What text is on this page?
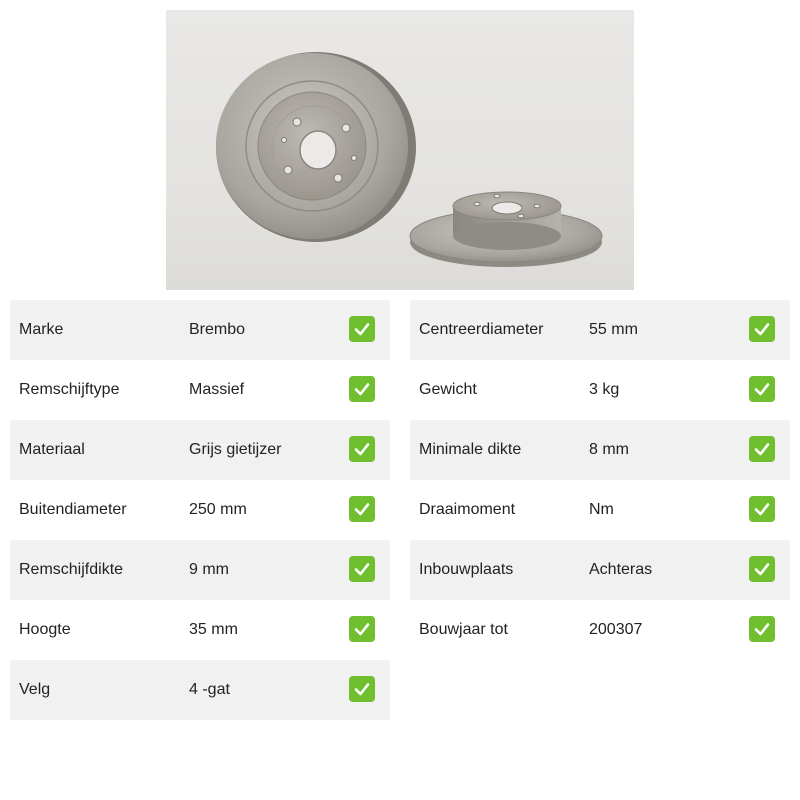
Marke	Brembo
Remschijftype	Massief
Materiaal	Grijs gietijzer
Buitendiameter	250 mm
Remschijfdikte	9 mm
Hoogte	35 mm
Velg	4 -gat
Centreerdiameter	55 mm
Gewicht	3 kg
Minimale dikte	8 mm
Draaimoment	Nm
Inbouwplaats	Achteras
Bouwjaar tot	200307
